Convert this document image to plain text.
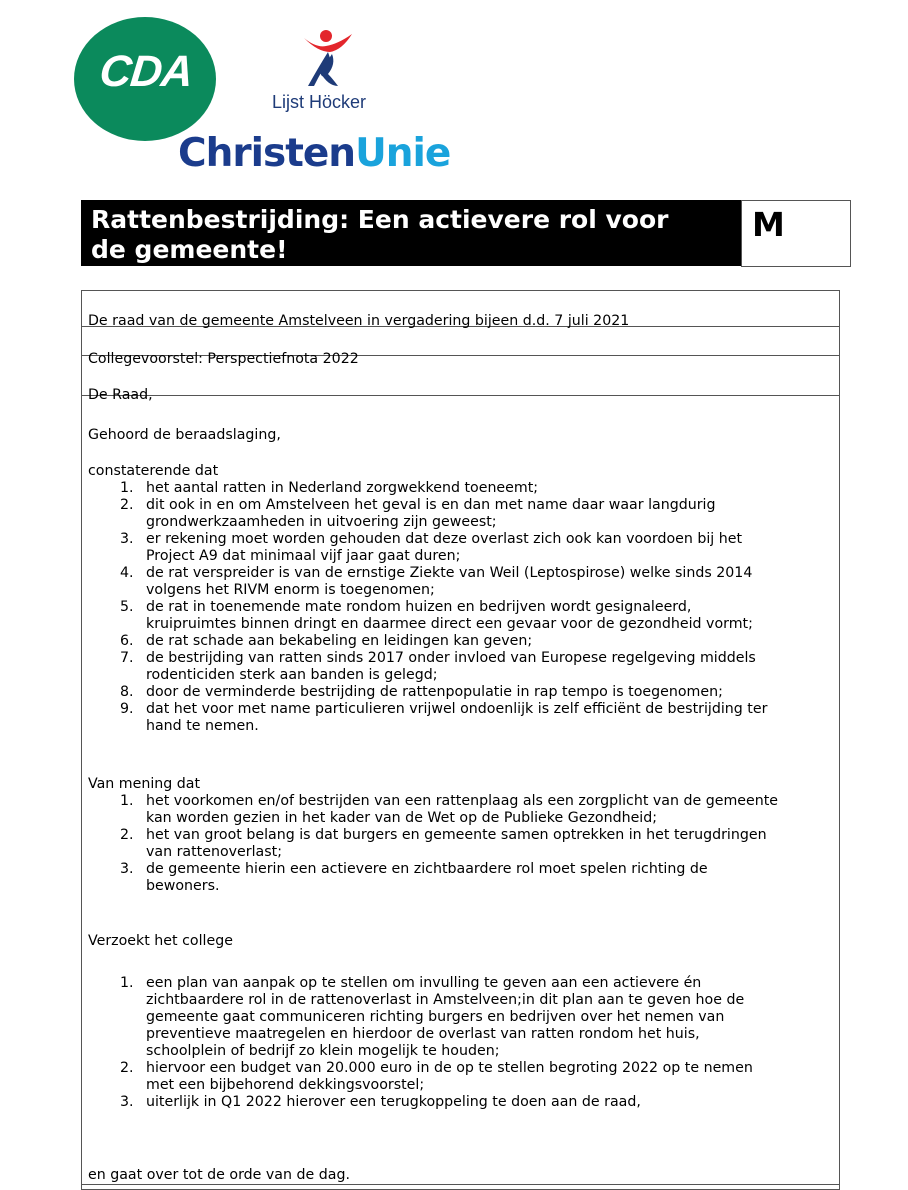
CDA
Lijst Höcker
ChristenUnie
Rattenbestrijding: Een actievere rol voor
de gemeente!
M
De raad van de gemeente Amstelveen in vergadering bijeen d.d. 7 juli 2021
Collegevoorstel: Perspectiefnota 2022
De Raad,
Gehoord de beraadslaging,
constaterende dat
1. het aantal ratten in Nederland zorgwekkend toeneemt;
2. dit ook in en om Amstelveen het geval is en dan met name daar waar langdurig
grondwerkzaamheden in uitvoering zijn geweest;
3. er rekening moet worden gehouden dat deze overlast zich ook kan voordoen bij het
Project A9 dat minimaal vijf jaar gaat duren;
4. de rat verspreider is van de ernstige Ziekte van Weil (Leptospirose) welke sinds 2014
volgens het RIVM enorm is toegenomen;
5. de rat in toenemende mate rondom huizen en bedrijven wordt gesignaleerd,
kruipruimtes binnen dringt en daarmee direct een gevaar voor de gezondheid vormt;
6. de rat schade aan bekabeling en leidingen kan geven;
7. de bestrijding van ratten sinds 2017 onder invloed van Europese regelgeving middels
rodenticiden sterk aan banden is gelegd;
8. door de verminderde bestrijding de rattenpopulatie in rap tempo is toegenomen;
9. dat het voor met name particulieren vrijwel ondoenlijk is zelf efficiënt de bestrijding ter
hand te nemen.
Van mening dat
1. het voorkomen en/of bestrijden van een rattenplaag als een zorgplicht van de gemeente
kan worden gezien in het kader van de Wet op de Publieke Gezondheid;
2. het van groot belang is dat burgers en gemeente samen optrekken in het terugdringen
van rattenoverlast;
3. de gemeente hierin een actievere en zichtbaardere rol moet spelen richting de
bewoners.
Verzoekt het college
1. een plan van aanpak op te stellen om invulling te geven aan een actievere én
zichtbaardere rol in de rattenoverlast in Amstelveen;in dit plan aan te geven hoe de
gemeente gaat communiceren richting burgers en bedrijven over het nemen van
preventieve maatregelen en hierdoor de overlast van ratten rondom het huis,
schoolplein of bedrijf zo klein mogelijk te houden;
2. hiervoor een budget van 20.000 euro in de op te stellen begroting 2022 op te nemen
met een bijbehorend dekkingsvoorstel;
3. uiterlijk in Q1 2022 hierover een terugkoppeling te doen aan de raad,
en gaat over tot de orde van de dag.
